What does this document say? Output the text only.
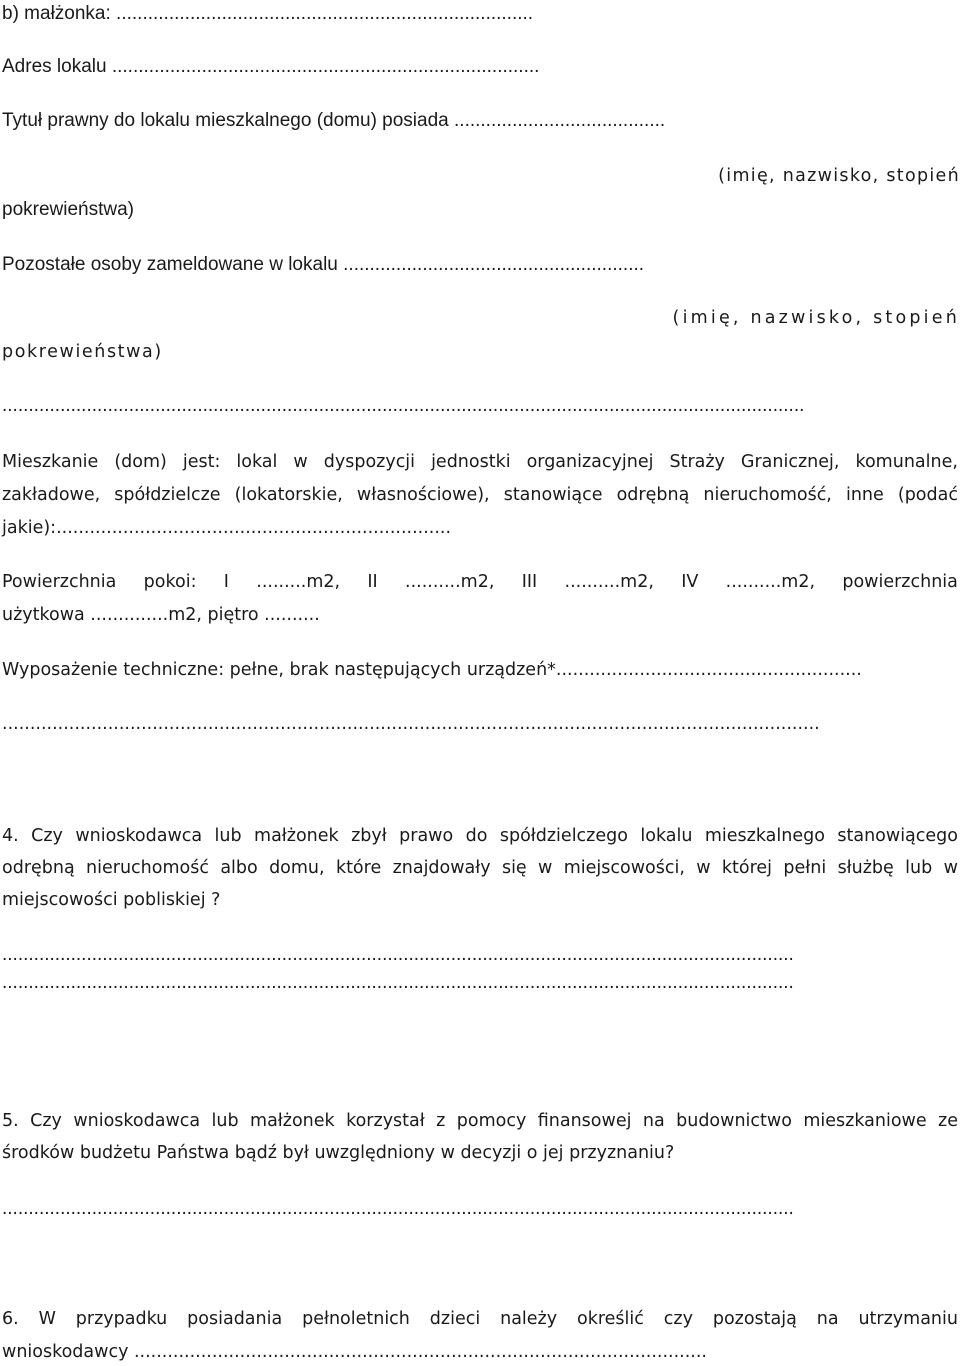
b) małżonka: ...............................................................................
Adres lokalu .................................................................................
Tytuł prawny do lokalu mieszkalnego (domu) posiada ........................................
(imię, nazwisko, stopień
pokrewieństwa)
Pozostałe osoby zameldowane w lokalu .........................................................
(imię, nazwisko, stopień
pokrewieństwa)
........................................................................................................................................................
Mieszkanie (dom) jest: lokal w dyspozycji jednostki organizacyjnej Straży Granicznej, komunalne,
zakładowe, spółdzielcze (lokatorskie, własnościowe), stanowiące odrębną nieruchomość, inne (podać
jakie):.......................................................................
Powierzchnia pokoi: I .........m2, II ..........m2, III ..........m2, IV ..........m2, powierzchnia
użytkowa ..............m2, piętro ..........
Wyposażenie techniczne: pełne, brak następujących urządzeń*.......................................................
...................................................................................................................................................
4. Czy wnioskodawca lub małżonek zbył prawo do spółdzielczego lokalu mieszkalnego stanowiącego
odrębną nieruchomość albo domu, które znajdowały się w miejscowości, w której pełni służbę lub w
miejscowości pobliskiej ?
......................................................................................................................................................
......................................................................................................................................................
5. Czy wnioskodawca lub małżonek korzystał z pomocy finansowej na budownictwo mieszkaniowe ze
środków budżetu Państwa bądź był uwzględniony w decyzji o jej przyznaniu?
......................................................................................................................................................
6. W przypadku posiadania pełnoletnich dzieci należy określić czy pozostają na utrzymaniu
wnioskodawcy .......................................................................................................
